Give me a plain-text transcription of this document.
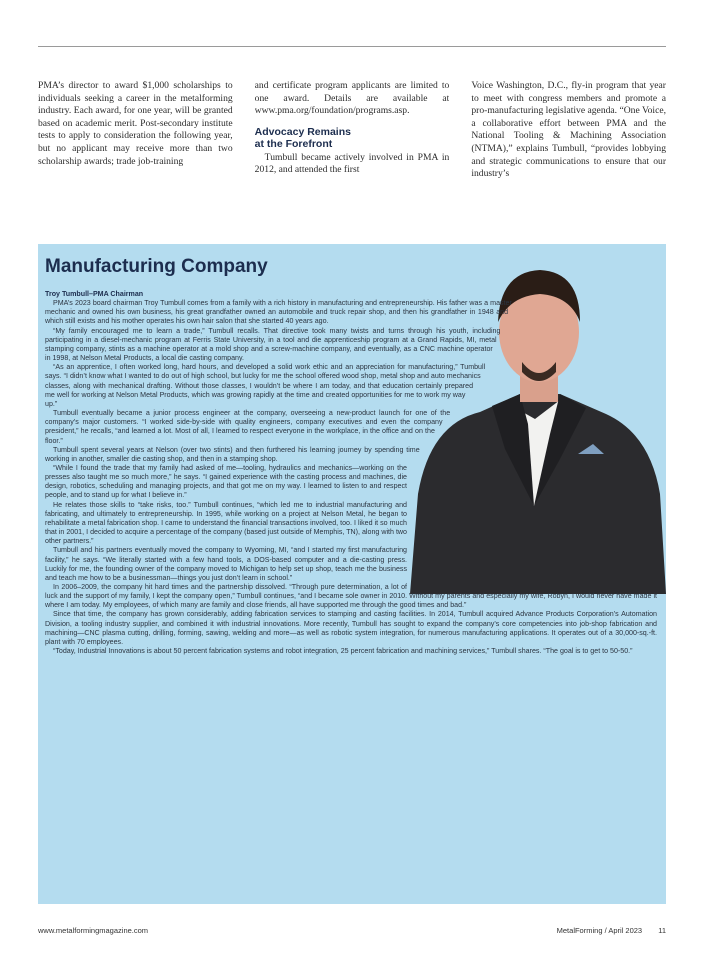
PMA’s director to award $1,000 scholarships to individuals seeking a career in the metalforming industry. Each award, for one year, will be granted based on academic merit. Post-secondary institute tests to apply to consideration the following year, but no applicant may receive more than two scholarship awards; trade job-training

and certificate program applicants are limited to one award. Details are available at www.pma.org/foundation/programs.asp.

Advocacy Remains
at the Forefront

Tumbull became actively involved in PMA in 2012, and attended the first

Voice Washington, D.C., fly-in program that year to meet with congress members and promote a pro-manufacturing legislative agenda. “One Voice, a collaborative effort between PMA and the National Tooling & Machining Association (NTMA),” explains Tumbull, “provides lobbying and strategic communications to ensure that our industry’s

Manufacturing Company

Troy Tumbull–PMA Chairman

PMA’s 2023 board chairman Troy Tumbull comes from a family with a rich history in manufacturing and entrepreneurship. His father was a master mechanic and owned his own business, his great grandfather owned an automobile and truck repair shop, and then his grandfather in 1948 and which still exists and his mother operates his own hair salon that she started 40 years ago.

“My family encouraged me to learn a trade,” Tumbull recalls. That directive took many twists and turns through his youth, including participating in a diesel-mechanic program at Ferris State University, in a tool and die apprenticeship program at a Grand Rapids, MI, metal stamping company, stints as a machine operator at a mold shop and a screw-machine company, and eventually, as a CNC machine operator in 1998, at Nelson Metal Products, a local die casting company.

“As an apprentice, I often worked long, hard hours, and developed a solid work ethic and an appreciation for manufacturing,” Tumbull says. “I didn’t know what I wanted to do out of high school, but lucky for me the school offered wood shop, metal shop and auto mechanics classes, along with mechanical drafting. Without those classes, I wouldn’t be where I am today, and that education certainly prepared me well for working at Nelson Metal Products, which was growing rapidly at the time and created opportunities for me to work my way up.”

Tumbull eventually became a junior process engineer at the company, overseeing a new-product launch for one of the company’s major customers. “I worked side-by-side with quality engineers, company executives and even the company president,” he recalls, “and learned a lot. Most of all, I learned to respect everyone in the workplace, in the office and on the floor.”

Tumbull spent several years at Nelson (over two stints) and then furthered his learning journey by spending time working in another, smaller die casting shop, and then in a stamping shop.

“While I found the trade that my family had asked of me—tooling, hydraulics and mechanics—working on the presses also taught me so much more,” he says. “I gained experience with the casting process and machines, die design, robotics, scheduling and managing projects, and that got me on my way. I learned to listen to and respect people, and to stand up for what I believe in.”

He relates those skills to “take risks, too.” Tumbull continues, “which led me to industrial manufacturing and fabricating, and ultimately to entrepreneurship. In 1995, while working on a project at Nelson Metal, he began to rehabilitate a metal fabrication shop. I came to understand the financial transactions involved, too. I liked it so much that in 2001, I decided to acquire a percentage of the company (based just outside of Memphis, TN), along with two other partners.”

Tumbull and his partners eventually moved the company to Wyoming, MI, “and I started my first manufacturing facility,” he says. “We literally started with a few hand tools, a DOS-based computer and a die-casting press. Luckily for me, the founding owner of the company moved to Michigan to help set up shop, teach me the business and teach me how to be a businessman—things you just don’t learn in school.”

In 2006–2009, the company hit hard times and the partnership dissolved. “Through pure determination, a lot of luck and the support of my family, I kept the company open,” Tumbull continues, “and I became sole owner in 2010. Without my parents and especially my wife, Robyn, I would never have made it where I am today. My employees, of which many are family and close friends, all have supported me through the good times and bad.”

Since that time, the company has grown considerably, adding fabrication services to stamping and casting facilities. In 2014, Tumbull acquired Advance Products Corporation’s Automation Division, a tooling industry supplier, and combined it with industrial innovations. More recently, Tumbull has sought to expand the company’s core competencies into job-shop fabrication and machining—CNC plasma cutting, drilling, forming, sawing, welding and more—as well as robotic system integration, for numerous manufacturing applications. It operates out of a 30,000-sq.-ft. plant with 70 employees.

“Today, Industrial Innovations is about 50 percent fabrication systems and robot integration, 25 percent fabrication and machining services,” Tumbull shares. “The goal is to get to 50-50.”

www.metalformingmagazine.com	MetalForming / April 2023 11
